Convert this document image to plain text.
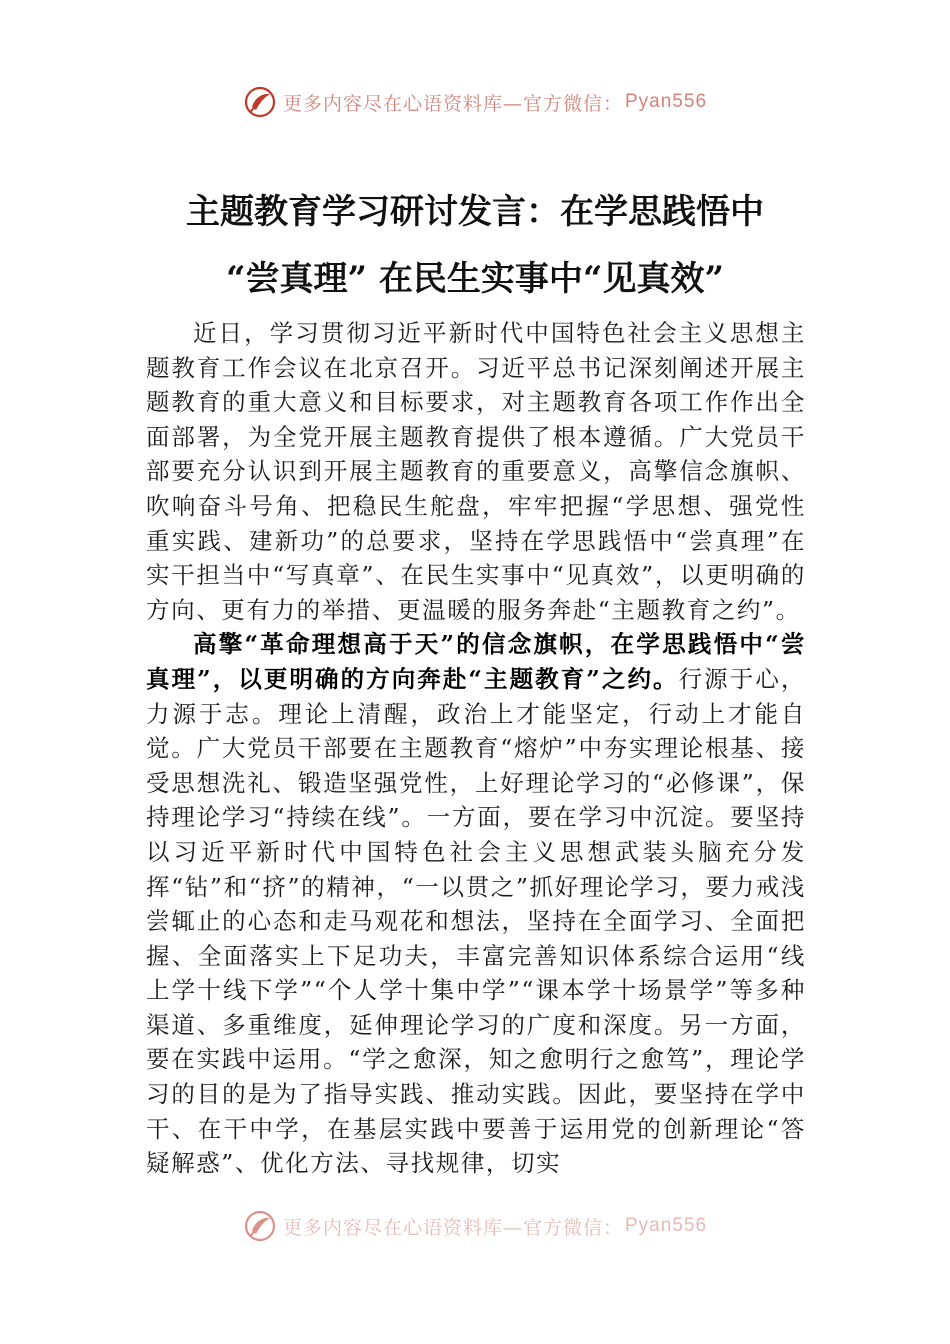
更多内容尽在心语资料库—官方微信： Pyan556
主题教育学习研讨发言：在学思践悟中
“尝真理” 在民生实事中“见真效”

近日，学习贯彻习近平新时代中国特色社会主义思想主题教育工作会议在北京召开。习近平总书记深刻阐述开展主题教育的重大意义和目标要求，对主题教育各项工作作出全面部署，为全党开展主题教育提供了根本遵循。广大党员干部要充分认识到开展主题教育的重要意义，高擎信念旗帜、吹响奋斗号角、把稳民生舵盘，牢牢把握“学思想、强党性重实践、建新功”的总要求，坚持在学思践悟中“尝真理”在实干担当中“写真章”、在民生实事中“见真效”，以更明确的方向、更有力的举措、更温暖的服务奔赴“主题教育之约”。

高擎“革命理想高于天”的信念旗帜，在学思践悟中“尝真理”，以更明确的方向奔赴“主题教育”之约。行源于心，力源于志。理论上清醒，政治上才能坚定，行动上才能自觉。广大党员干部要在主题教育“熔炉”中夯实理论根基、接受思想洗礼、锻造坚强党性，上好理论学习的“必修课”，保持理论学习“持续在线”。一方面，要在学习中沉淀。要坚持以习近平新时代中国特色社会主义思想武装头脑充分发挥“钻”和“挤”的精神，“一以贯之”抓好理论学习，要力戒浅尝辄止的心态和走马观花和想法，坚持在全面学习、全面把握、全面落实上下足功夫，丰富完善知识体系综合运用“线上学十线下学”“个人学十集中学”“课本学十场景学”等多种渠道、多重维度，延伸理论学习的广度和深度。另一方面，要在实践中运用。“学之愈深，知之愈明行之愈笃”，理论学习的目的是为了指导实践、推动实践。因此，要坚持在学中干、在干中学，在基层实践中要善于运用党的创新理论“答疑解惑”、优化方法、寻找规律，切实

更多内容尽在心语资料库—官方微信： Pyan556
